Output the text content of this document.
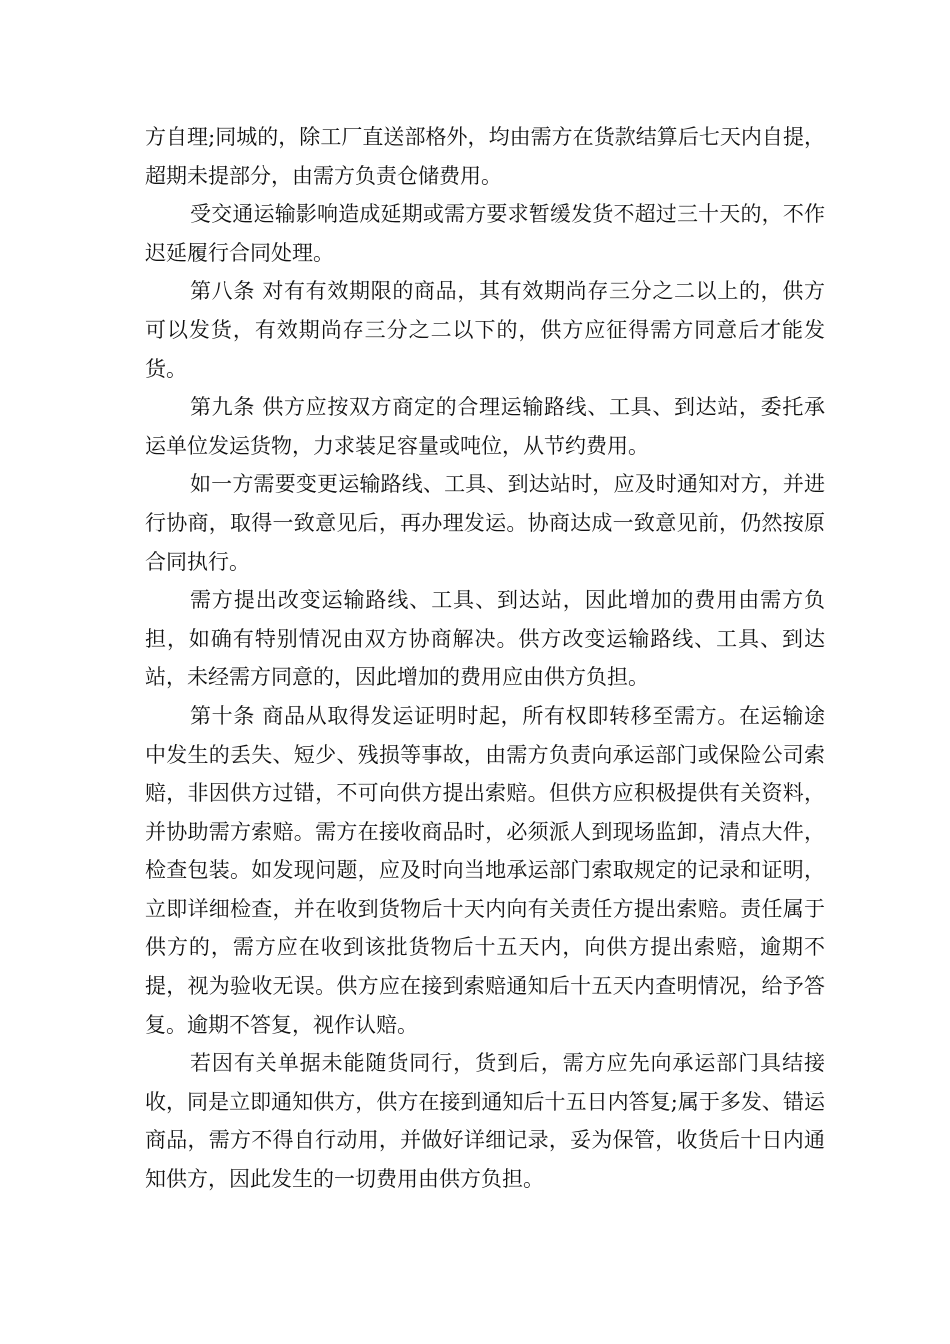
方自理;同城的，除工厂直送部格外，均由需方在货款结算后七天内自提，超期未提部分，由需方负责仓储费用。

受交通运输影响造成延期或需方要求暂缓发货不超过三十天的，不作迟延履行合同处理。

第八条 对有有效期限的商品，其有效期尚存三分之二以上的，供方可以发货，有效期尚存三分之二以下的，供方应征得需方同意后才能发货。

第九条 供方应按双方商定的合理运输路线、工具、到达站，委托承运单位发运货物，力求装足容量或吨位，从节约费用。

如一方需要变更运输路线、工具、到达站时，应及时通知对方，并进行协商，取得一致意见后，再办理发运。协商达成一致意见前，仍然按原合同执行。

需方提出改变运输路线、工具、到达站，因此增加的费用由需方负担，如确有特别情况由双方协商解决。供方改变运输路线、工具、到达站，未经需方同意的，因此增加的费用应由供方负担。

第十条 商品从取得发运证明时起，所有权即转移至需方。在运输途中发生的丢失、短少、残损等事故，由需方负责向承运部门或保险公司索赔，非因供方过错，不可向供方提出索赔。但供方应积极提供有关资料，并协助需方索赔。需方在接收商品时，必须派人到现场监卸，清点大件，检查包装。如发现问题，应及时向当地承运部门索取规定的记录和证明，立即详细检查，并在收到货物后十天内向有关责任方提出索赔。责任属于供方的，需方应在收到该批货物后十五天内，向供方提出索赔，逾期不提，视为验收无误。供方应在接到索赔通知后十五天内查明情况，给予答复。逾期不答复，视作认赔。

若因有关单据未能随货同行，货到后，需方应先向承运部门具结接收，同是立即通知供方，供方在接到通知后十五日内答复;属于多发、错运商品，需方不得自行动用，并做好详细记录，妥为保管，收货后十日内通知供方，因此发生的一切费用由供方负担。
